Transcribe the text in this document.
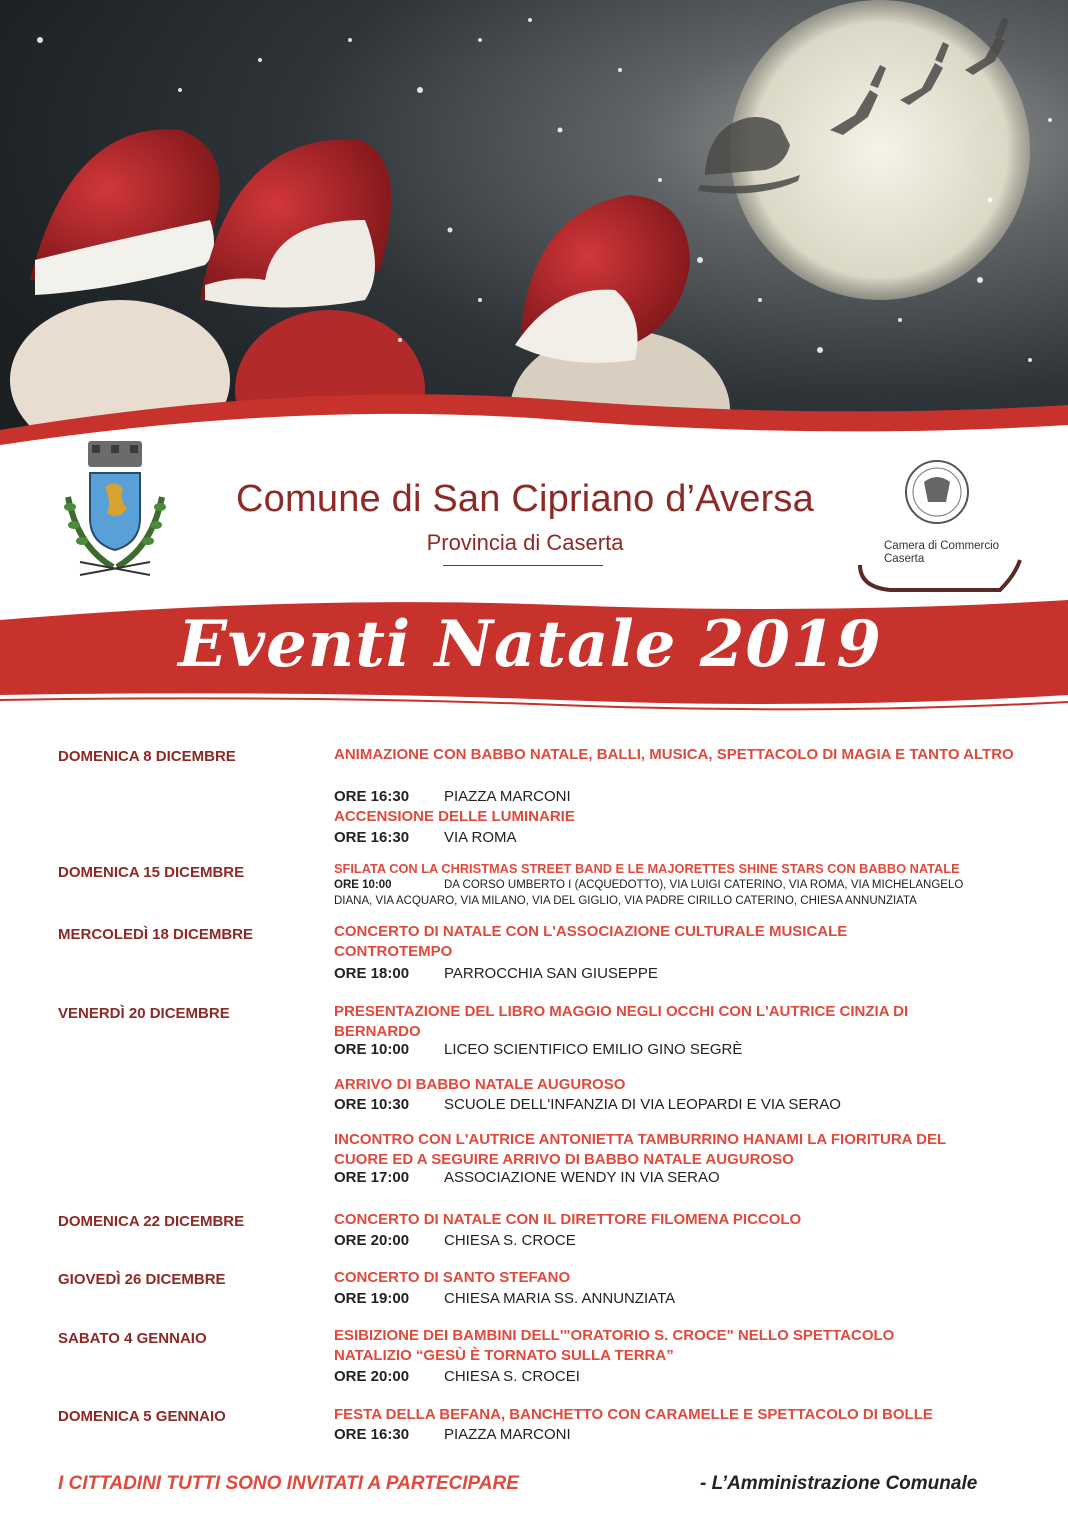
Comune di San Cipriano d’Aversa
Provincia di Caserta	Camera di Commercio
Caserta
Eventi Natale 2019
DOMENICA 8 DICEMBRE	ANIMAZIONE CON BABBO NATALE, BALLI, MUSICA, SPETTACOLO DI MAGIA E TANTO ALTRO
ORE 16:30 PIAZZA MARCONI
ACCENSIONE DELLE LUMINARIE
ORE 16:30 VIA ROMA
DOMENICA 15 DICEMBRE	SFILATA CON LA CHRISTMAS STREET BAND E LE MAJORETTES SHINE STARS CON BABBO NATALE
ORE 10:00	DA CORSO UMBERTO I (ACQUEDOTTO), VIA LUIGI CATERINO, VIA ROMA, VIA MICHELANGELO
DIANA, VIA ACQUARO, VIA MILANO, VIA DEL GIGLIO, VIA PADRE CIRILLO CATERINO, CHIESA ANNUNZIATA
MERCOLEDÌ 18 DICEMBRE	CONCERTO DI NATALE CON L'ASSOCIAZIONE CULTURALE MUSICALE CONTROTEMPO
ORE 18:00 PARROCCHIA SAN GIUSEPPE
VENERDÌ 20 DICEMBRE	PRESENTAZIONE DEL LIBRO MAGGIO NEGLI OCCHI CON L'AUTRICE CINZIA DI BERNARDO
ORE 10:00 LICEO SCIENTIFICO EMILIO GINO SEGRÈ
ARRIVO DI BABBO NATALE AUGUROSO
ORE 10:30 SCUOLE DELL'INFANZIA DI VIA LEOPARDI E VIA SERAO
INCONTRO CON L'AUTRICE ANTONIETTA TAMBURRINO HANAMI LA FIORITURA DEL CUORE ED A SEGUIRE ARRIVO DI BABBO NATALE AUGUROSO
ORE 17:00 ASSOCIAZIONE WENDY IN VIA SERAO
DOMENICA 22 DICEMBRE	CONCERTO DI NATALE CON IL DIRETTORE FILOMENA PICCOLO
ORE 20:00 CHIESA S. CROCE
GIOVEDÌ 26 DICEMBRE	CONCERTO DI SANTO STEFANO
ORE 19:00 CHIESA MARIA SS. ANNUNZIATA
SABATO 4 GENNAIO	ESIBIZIONE DEI BAMBINI DELL'"ORATORIO S. CROCE" NELLO SPETTACOLO NATALIZIO “GESÙ È TORNATO SULLA TERRA”
ORE 20:00 CHIESA S. CROCEI
DOMENICA 5 GENNAIO	FESTA DELLA BEFANA, BANCHETTO CON CARAMELLE E SPETTACOLO DI BOLLE
ORE 16:30 PIAZZA MARCONI
I CITTADINI TUTTI SONO INVITATI A PARTECIPARE	- L’Amministrazione Comunale
